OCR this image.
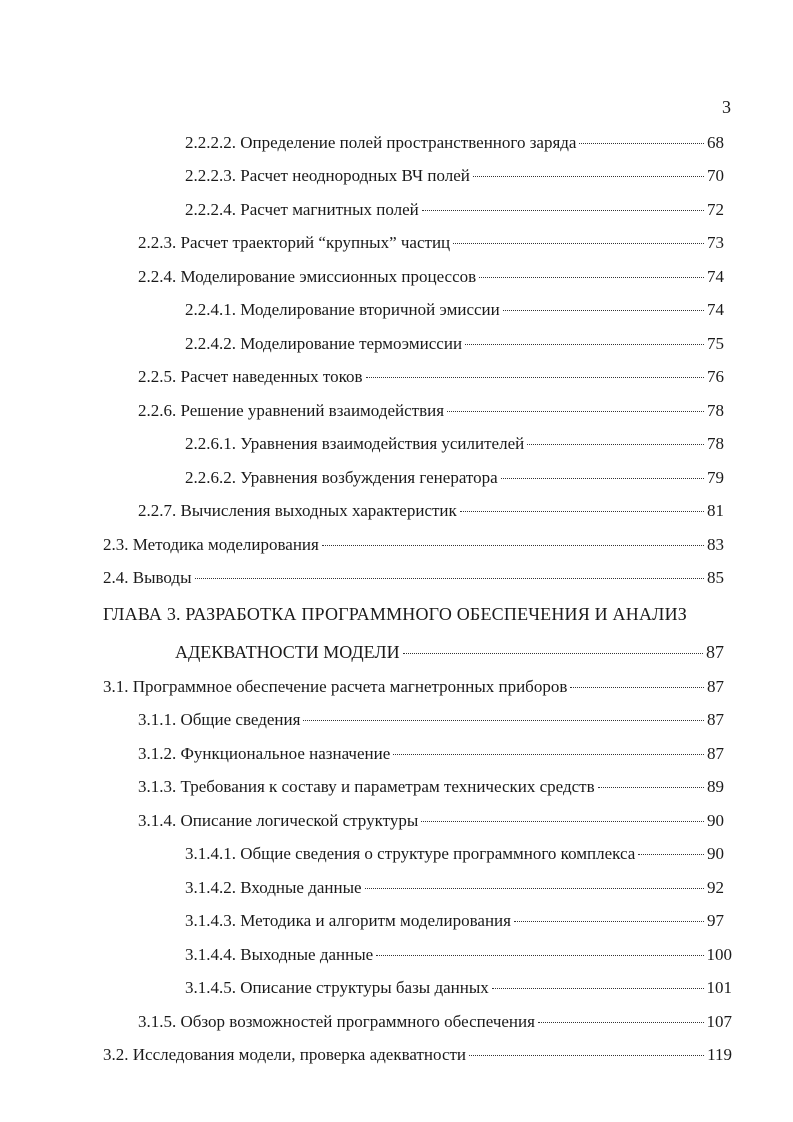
3
2.2.2.2. Определение полей пространственного заряда	68
2.2.2.3. Расчет неоднородных ВЧ полей	70
2.2.2.4. Расчет магнитных полей	72
2.2.3. Расчет траекторий “крупных” частиц	73
2.2.4. Моделирование эмиссионных процессов	74
2.2.4.1. Моделирование вторичной эмиссии	74
2.2.4.2. Моделирование термоэмиссии	75
2.2.5. Расчет наведенных токов	76
2.2.6. Решение уравнений взаимодействия	78
2.2.6.1. Уравнения взаимодействия усилителей	78
2.2.6.2. Уравнения возбуждения генератора	79
2.2.7. Вычисления выходных характеристик	81
2.3. Методика моделирования	83
2.4. Выводы	85
ГЛАВА 3. РАЗРАБОТКА ПРОГРАММНОГО ОБЕСПЕЧЕНИЯ И АНАЛИЗ
АДЕКВАТНОСТИ МОДЕЛИ	87
3.1. Программное обеспечение расчета магнетронных приборов	87
3.1.1. Общие сведения	87
3.1.2. Функциональное назначение	87
3.1.3. Требования к составу и параметрам технических средств	89
3.1.4. Описание логической структуры	90
3.1.4.1. Общие сведения о структуре программного комплекса	90
3.1.4.2. Входные данные	92
3.1.4.3. Методика и алгоритм моделирования	97
3.1.4.4. Выходные данные	100
3.1.4.5. Описание структуры базы данных	101
3.1.5. Обзор возможностей программного обеспечения	107
3.2. Исследования модели, проверка адекватности	119
